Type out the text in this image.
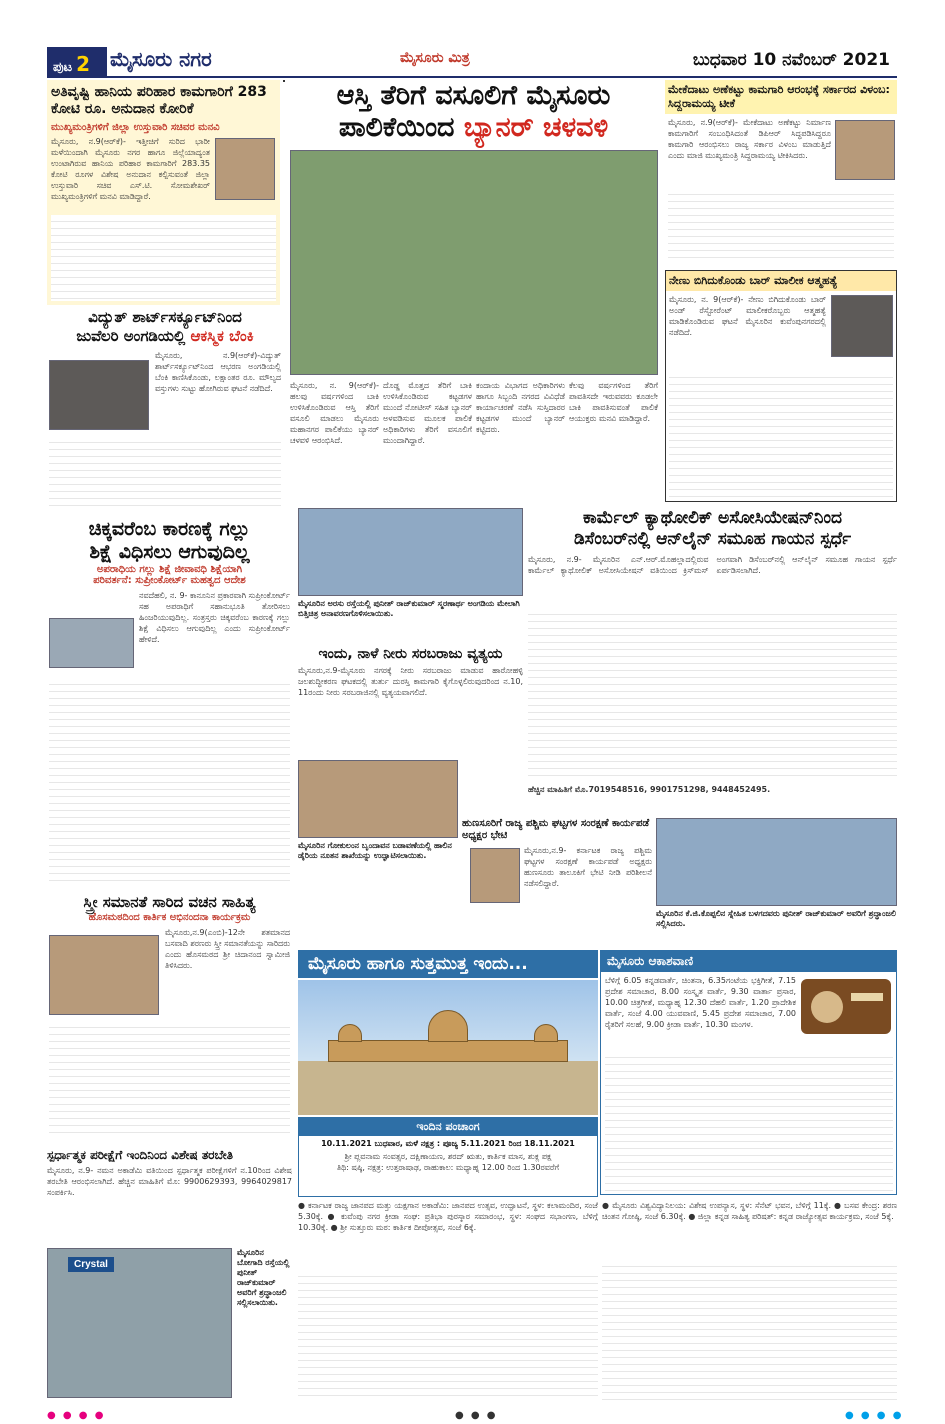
ಪುಟ 2	ಮೈಸೂರು ನಗರ	ಮೈಸೂರು ಮಿತ್ರ	ಬುಧವಾರ 10 ನವೆಂಬರ್ 2021
ಅತಿವೃಷ್ಟಿ ಹಾನಿಯ ಪರಿಹಾರ ಕಾಮಗಾರಿಗೆ 283 ಕೋಟಿ ರೂ. ಅನುದಾನ ಕೋರಿಕೆ
ಮುಖ್ಯಮಂತ್ರಿಗಳಿಗೆ ಜಿಲ್ಲಾ ಉಸ್ತುವಾರಿ ಸಚಿವರ ಮನವಿ
ಮೈಸೂರು, ನ.9(ಆರ್‌ಕೆ)- ಇತ್ತೀಚಿಗೆ ಸುರಿದ ಭಾರೀ ಮಳೆಯಿಂದಾಗಿ ಮೈಸೂರು ನಗರ ಹಾಗೂ ಜಿಲ್ಲೆಯಾದ್ಯಂತ ಉಂಟಾಗಿರುವ ಹಾನಿಯ ಪರಿಹಾರ ಕಾಮಗಾರಿಗೆ 283.35 ಕೋಟಿ ರೂಗಳ ವಿಶೇಷ ಅನುದಾನ ಕಲ್ಪಿಸುವಂತೆ ಜಿಲ್ಲಾ ಉಸ್ತುವಾರಿ ಸಚಿವ ಎಸ್.ಟಿ. ಸೋಮಶೇಖರ್ ಮುಖ್ಯಮಂತ್ರಿಗಳಿಗೆ ಮನವಿ ಮಾಡಿದ್ದಾರೆ.
ಆಸ್ತಿ ತೆರಿಗೆ ವಸೂಲಿಗೆ ಮೈಸೂರು
ಪಾಲಿಕೆಯಿಂದ ಬ್ಯಾನರ್ ಚಳವಳಿ
ಮೈಸೂರು, ನ. 9(ಆರ್‌ಕೆ)- ಹಲವು ವರ್ಷಗಳಿಂದ ಬಾಕಿ ಉಳಿಸಿಕೊಂಡಿರುವ ಆಸ್ತಿ ತೆರಿಗೆ ವಸೂಲಿ ಮಾಡಲು ಮೈಸೂರು ಮಹಾನಗರ ಪಾಲಿಕೆಯು ಬ್ಯಾನರ್ ಚಳವಳಿ ಆರಂಭಿಸಿದೆ.
ದೊಡ್ಡ ಮೊತ್ತದ ತೆರಿಗೆ ಬಾಕಿ ಉಳಿಸಿಕೊಂಡಿರುವ ಕಟ್ಟಡಗಳ ಮುಂದೆ ನೋಟೀಸ್ ಸಹಿತ ಬ್ಯಾನರ್ ಅಳವಡಿಸುವ ಮೂಲಕ ಪಾಲಿಕೆ ಅಧಿಕಾರಿಗಳು ತೆರಿಗೆ ವಸೂಲಿಗೆ ಮುಂದಾಗಿದ್ದಾರೆ.
ಕಂದಾಯ ವಿಭಾಗದ ಅಧಿಕಾರಿಗಳು ಹಾಗೂ ಸಿಬ್ಬಂದಿ ನಗರದ ವಿವಿಧೆಡೆ ಕಾರ್ಯಾಚರಣೆ ನಡೆಸಿ ಸುಸ್ತಿದಾರರ ಕಟ್ಟಡಗಳ ಮುಂದೆ ಬ್ಯಾನರ್ ಕಟ್ಟಿದರು.
ಕೆಲವು ವರ್ಷಗಳಿಂದ ತೆರಿಗೆ ಪಾವತಿಸದೇ ಇರುವವರು ಕೂಡಲೇ ಬಾಕಿ ಪಾವತಿಸುವಂತೆ ಪಾಲಿಕೆ ಆಯುಕ್ತರು ಮನವಿ ಮಾಡಿದ್ದಾರೆ.
ಮೇಕೆದಾಟು ಅಣೆಕಟ್ಟು ಕಾಮಗಾರಿ ಆರಂಭಕ್ಕೆ ಸರ್ಕಾರದ ವಿಳಂಬ: ಸಿದ್ದರಾಮಯ್ಯ ಟೀಕೆ
ಮೈಸೂರು, ನ.9(ಆರ್‌ಕೆ)- ಮೇಕೆದಾಟು ಅಣೆಕಟ್ಟು ನಿರ್ಮಾಣ ಕಾಮಗಾರಿಗೆ ಸಂಬಂಧಿಸಿದಂತೆ ಡಿಪಿಆರ್ ಸಿದ್ಧಪಡಿಸಿದ್ದರೂ ಕಾಮಗಾರಿ ಆರಂಭಿಸಲು ರಾಜ್ಯ ಸರ್ಕಾರ ವಿಳಂಬ ಮಾಡುತ್ತಿದೆ ಎಂದು ಮಾಜಿ ಮುಖ್ಯಮಂತ್ರಿ ಸಿದ್ದರಾಮಯ್ಯ ಟೀಕಿಸಿದರು.
ನೇಣು ಬಿಗಿದುಕೊಂಡು ಬಾರ್ ಮಾಲೀಕ ಆತ್ಮಹತ್ಯೆ
ಮೈಸೂರು, ನ. 9(ಆರ್‌ಕೆ)- ನೇಣು ಬಿಗಿದುಕೊಂಡು ಬಾರ್ ಅಂಡ್ ರೆಸ್ಟೋರೆಂಟ್ ಮಾಲೀಕರೊಬ್ಬರು ಆತ್ಮಹತ್ಯೆ ಮಾಡಿಕೊಂಡಿರುವ ಘಟನೆ ಮೈಸೂರಿನ ಕುವೆಂಪುನಗರದಲ್ಲಿ ನಡೆದಿದೆ.
ವಿದ್ಯುತ್ ಶಾರ್ಟ್‌ಸರ್ಕ್ಯೂಟ್‌ನಿಂದ
ಜುವೆಲರಿ ಅಂಗಡಿಯಲ್ಲಿ ಆಕಸ್ಮಿಕ ಬೆಂಕಿ
ಮೈಸೂರು, ನ.9(ಆರ್‌ಕೆ)-ವಿದ್ಯುತ್ ಶಾರ್ಟ್‌ಸರ್ಕ್ಯೂಟ್‌ನಿಂದ ಆಭರಣ ಅಂಗಡಿಯಲ್ಲಿ ಬೆಂಕಿ ಕಾಣಿಸಿಕೊಂಡು, ಲಕ್ಷಾಂತರ ರೂ. ಮೌಲ್ಯದ ವಸ್ತುಗಳು ಸುಟ್ಟು ಹೋಗಿರುವ ಘಟನೆ ನಡೆದಿದೆ.
ಮೈಸೂರಿನ ಅರಸು ರಸ್ತೆಯಲ್ಲಿ ಪುನೀತ್ ರಾಜ್‌ಕುಮಾರ್ ಸ್ಮರಣಾರ್ಥ ಅಂಗಡಿಯ ಮೇಲಾಗಿ ಬಿತ್ತಿಚಿತ್ರ ಅನಾವರಣಗೊಳಿಸಲಾಯಿತು.
ಇಂದು, ನಾಳೆ ನೀರು ಸರಬರಾಜು ವ್ಯತ್ಯಯ
ಮೈಸೂರು,ನ.9-ಮೈಸೂರು ನಗರಕ್ಕೆ ನೀರು ಸರಬರಾಜು ಮಾಡುವ ಹಾರೋಹಳ್ಳಿ ಜಲಶುದ್ಧೀಕರಣ ಘಟಕದಲ್ಲಿ ತುರ್ತು ದುರಸ್ತಿ ಕಾಮಗಾರಿ ಕೈಗೊಳ್ಳಲಿರುವುದರಿಂದ ನ.10, 11ರಂದು ನೀರು ಸರಬರಾಜಿನಲ್ಲಿ ವ್ಯತ್ಯಯವಾಗಲಿದೆ.
ಕಾರ್ಮೆಲ್ ಕ್ಯಾಥೋಲಿಕ್ ಅಸೋಸಿಯೇಷನ್‌ನಿಂದ
ಡಿಸೆಂಬರ್‌ನಲ್ಲಿ ಆನ್‌ಲೈನ್ ಸಮೂಹ ಗಾಯನ ಸ್ಪರ್ಧೆ
ಮೈಸೂರು, ನ.9- ಮೈಸೂರಿನ ಎನ್.ಆರ್.ಮೊಹಲ್ಲಾದಲ್ಲಿರುವ ಕಾರ್ಮೆಲ್ ಕ್ಯಾಥೋಲಿಕ್ ಅಸೋಸಿಯೇಷನ್ ವತಿಯಿಂದ ಕ್ರಿಸ್‌ಮಸ್ ಅಂಗವಾಗಿ ಡಿಸೆಂಬರ್‌ನಲ್ಲಿ ಆನ್‌ಲೈನ್ ಸಮೂಹ ಗಾಯನ ಸ್ಪರ್ಧೆ ಏರ್ಪಡಿಸಲಾಗಿದೆ.
ಹೆಚ್ಚಿನ ಮಾಹಿತಿಗೆ ಮೊ.7019548516, 9901751298, 9448452495.
ಚಿಕ್ಕವರೆಂಬ ಕಾರಣಕ್ಕೆ ಗಲ್ಲು
ಶಿಕ್ಷೆ ವಿಧಿಸಲು ಆಗುವುದಿಲ್ಲ
ಅಪರಾಧಿಯ ಗಲ್ಲು ಶಿಕ್ಷೆ ಜೀವಾವಧಿ ಶಿಕ್ಷೆಯಾಗಿ
ಪರಿವರ್ತನೆ: ಸುಪ್ರೀಂಕೋರ್ಟ್ ಮಹತ್ವದ ಆದೇಶ
ನವದೆಹಲಿ, ನ. 9- ಕಾನೂನಿನ ಪ್ರಕಾರವಾಗಿ ಸುಪ್ರೀಂಕೋರ್ಟ್ ಸಹ ಅಪರಾಧಿಗೆ ಸಹಾನುಭೂತಿ ತೋರಿಸಲು ಹಿಂಜರಿಯುವುದಿಲ್ಲ. ಸಂತ್ರಸ್ತರು ಚಿಕ್ಕವರೆಂಬ ಕಾರಣಕ್ಕೆ ಗಲ್ಲು ಶಿಕ್ಷೆ ವಿಧಿಸಲು ಆಗುವುದಿಲ್ಲ ಎಂದು ಸುಪ್ರೀಂಕೋರ್ಟ್ ಹೇಳಿದೆ.
ಮೈಸೂರಿನ ಗೋಕುಲಂನ ಬೃಂದಾವನ ಬಡಾವಣೆಯಲ್ಲಿ ಹಾಲಿನ ಡೈರಿಯ ನೂತನ ಶಾಖೆಯನ್ನು ಉದ್ಘಾಟಿಸಲಾಯಿತು.
ಹುಣಸೂರಿಗೆ ರಾಜ್ಯ ಪಶ್ಚಿಮ ಘಟ್ಟಗಳ ಸಂರಕ್ಷಣೆ ಕಾರ್ಯಪಡೆ ಅಧ್ಯಕ್ಷರ ಭೇಟಿ
ಮೈಸೂರು,ನ.9- ಕರ್ನಾಟಕ ರಾಜ್ಯ ಪಶ್ಚಿಮ ಘಟ್ಟಗಳ ಸಂರಕ್ಷಣೆ ಕಾರ್ಯಪಡೆ ಅಧ್ಯಕ್ಷರು ಹುಣಸೂರು ತಾಲೂಕಿಗೆ ಭೇಟಿ ನೀಡಿ ಪರಿಶೀಲನೆ ನಡೆಸಲಿದ್ದಾರೆ.
ಮೈಸೂರಿನ ಕೆ.ಜಿ.ಕೊಪ್ಪಲಿನ ಸ್ನೇಹಿತ ಬಳಗದವರು ಪುನೀತ್ ರಾಜ್‌ಕುಮಾರ್ ಅವರಿಗೆ ಶ್ರದ್ಧಾಂಜಲಿ ಸಲ್ಲಿಸಿದರು.
ಸ್ತ್ರೀ ಸಮಾನತೆ ಸಾರಿದ ವಚನ ಸಾಹಿತ್ಯ
ಹೊಸಮಠದಿಂದ ಕಾರ್ತಿಕ ಅಭಿನಂದನಾ ಕಾರ್ಯಕ್ರಮ
ಮೈಸೂರು,ನ.9(ಎಂಬಿ)-12ನೇ ಶತಮಾನದ ಬಸವಾದಿ ಶರಣರು ಸ್ತ್ರೀ ಸಮಾನತೆಯನ್ನು ಸಾರಿದರು ಎಂದು ಹೊಸಮಠದ ಶ್ರೀ ಚಿದಾನಂದ ಸ್ವಾಮೀಜಿ ತಿಳಿಸಿದರು.
ಸ್ಪರ್ಧಾತ್ಮಕ ಪರೀಕ್ಷೆಗೆ ಇಂದಿನಿಂದ ವಿಶೇಷ ತರಬೇತಿ
ಮೈಸೂರು, ನ.9- ನಮನ ಅಕಾಡೆಮಿ ವತಿಯಿಂದ ಸ್ಪರ್ಧಾತ್ಮಕ ಪರೀಕ್ಷೆಗಳಿಗೆ ನ.10ರಿಂದ ವಿಶೇಷ ತರಬೇತಿ ಆರಂಭಿಸಲಾಗಿದೆ. ಹೆಚ್ಚಿನ ಮಾಹಿತಿಗೆ ಮೊ: 9900629393, 9964029817 ಸಂಪರ್ಕಿಸಿ.
Crystal
ಮೈಸೂರಿನ ಬೋಗಾದಿ ರಸ್ತೆಯಲ್ಲಿ ಪುನೀತ್ ರಾಜ್‌ಕುಮಾರ್ ಅವರಿಗೆ ಶ್ರದ್ಧಾಂಜಲಿ ಸಲ್ಲಿಸಲಾಯಿತು.
ಮೈಸೂರು ಹಾಗೂ ಸುತ್ತಮುತ್ತ ಇಂದು...
ಇಂದಿನ ಪಂಚಾಂಗ
10.11.2021 ಬುಧವಾರ, ಮಳೆ ನಕ್ಷತ್ರ : ಪೂಜ್ಯ 5.11.2021 ರಿಂದ 18.11.2021
ಶ್ರೀ ಪ್ಲವನಾಮ ಸಂವತ್ಸರ, ದಕ್ಷಿಣಾಯಣ, ಶರದ್ ಋತು, ಕಾರ್ತಿಕ ಮಾಸ, ಶುಕ್ಲ ಪಕ್ಷ
ತಿಥಿ: ಷಷ್ಠಿ, ನಕ್ಷತ್ರ: ಉತ್ತರಾಷಾಢ, ರಾಹುಕಾಲ: ಮಧ್ಯಾಹ್ನ 12.00 ರಿಂದ 1.30ರವರೆಗೆ
ಮೈಸೂರು ಆಕಾಶವಾಣಿ
ಬೆಳಿಗ್ಗೆ 6.05 ಕನ್ನಡವಾರ್ತೆ, ಚಿಂತನಾ, 6.35ಗಂಟೆಯ ಭಕ್ತಿಗೀತೆ, 7.15 ಪ್ರದೇಶ ಸಮಾಚಾರ, 8.00 ಸಂಸ್ಕೃತ ವಾರ್ತೆ, 9.30 ವಾರ್ತಾ ಪ್ರಸಾರ, 10.00 ಚಿತ್ರಗೀತೆ, ಮಧ್ಯಾಹ್ನ 12.30 ದೆಹಲಿ ವಾರ್ತೆ, 1.20 ಪ್ರಾದೇಶಿಕ ವಾರ್ತೆ, ಸಂಜೆ 4.00 ಯುವವಾಣಿ, 5.45 ಪ್ರದೇಶ ಸಮಾಚಾರ, 7.00 ರೈತರಿಗೆ ಸಲಹೆ, 9.00 ಕ್ರೀಡಾ ವಾರ್ತೆ, 10.30 ಮಂಗಳ.
● ಕರ್ನಾಟಕ ರಾಜ್ಯ ಜಾನಪದ ಮತ್ತು ಯಕ್ಷಗಾನ ಅಕಾಡೆಮಿ: ಜಾನಪದ ಉತ್ಸವ, ಉದ್ಘಾಟನೆ, ಸ್ಥಳ: ಕಲಾಮಂದಿರ, ಸಂಜೆ 5.30ಕ್ಕೆ. ● ಕುವೆಂಪು ನಗರ ಕ್ರೀಡಾ ಸಂಘ: ಪ್ರತಿಭಾ ಪುರಸ್ಕಾರ ಸಮಾರಂಭ, ಸ್ಥಳ: ಸಂಘದ ಸಭಾಂಗಣ, ಬೆಳಿಗ್ಗೆ 10.30ಕ್ಕೆ. ● ಶ್ರೀ ಸುತ್ತೂರು ಮಠ: ಕಾರ್ತಿಕ ದೀಪೋತ್ಸವ, ಸಂಜೆ 6ಕ್ಕೆ.
● ಮೈಸೂರು ವಿಶ್ವವಿದ್ಯಾನಿಲಯ: ವಿಶೇಷ ಉಪನ್ಯಾಸ, ಸ್ಥಳ: ಸೆನೆಟ್ ಭವನ, ಬೆಳಿಗ್ಗೆ 11ಕ್ಕೆ. ● ಬಸವ ಕೇಂದ್ರ: ಶರಣ ಚಿಂತನ ಗೋಷ್ಠಿ, ಸಂಜೆ 6.30ಕ್ಕೆ. ● ಜಿಲ್ಲಾ ಕನ್ನಡ ಸಾಹಿತ್ಯ ಪರಿಷತ್: ಕನ್ನಡ ರಾಜ್ಯೋತ್ಸವ ಕಾರ್ಯಕ್ರಮ, ಸಂಜೆ 5ಕ್ಕೆ.
● ● ● ●	● ● ●	● ● ● ●
